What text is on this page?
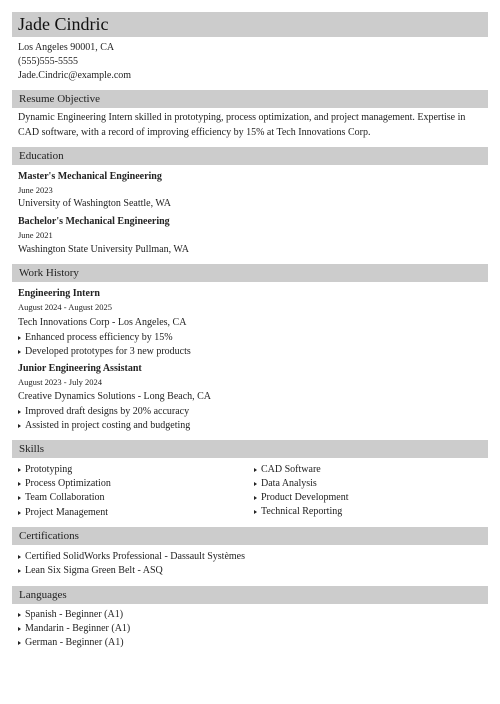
Jade Cindric
Los Angeles 90001, CA
(555)555-5555
Jade.Cindric@example.com
Resume Objective
Dynamic Engineering Intern skilled in prototyping, process optimization, and project management. Expertise in CAD software, with a record of improving efficiency by 15% at Tech Innovations Corp.
Education
Master's Mechanical Engineering
June 2023
University of Washington Seattle, WA
Bachelor's Mechanical Engineering
June 2021
Washington State University Pullman, WA
Work History
Engineering Intern
August 2024 - August 2025
Tech Innovations Corp - Los Angeles, CA
Enhanced process efficiency by 15%
Developed prototypes for 3 new products
Junior Engineering Assistant
August 2023 - July 2024
Creative Dynamics Solutions - Long Beach, CA
Improved draft designs by 20% accuracy
Assisted in project costing and budgeting
Skills
Prototyping
Process Optimization
Team Collaboration
Project Management
CAD Software
Data Analysis
Product Development
Technical Reporting
Certifications
Certified SolidWorks Professional - Dassault Systèmes
Lean Six Sigma Green Belt - ASQ
Languages
Spanish - Beginner (A1)
Mandarin - Beginner (A1)
German - Beginner (A1)
